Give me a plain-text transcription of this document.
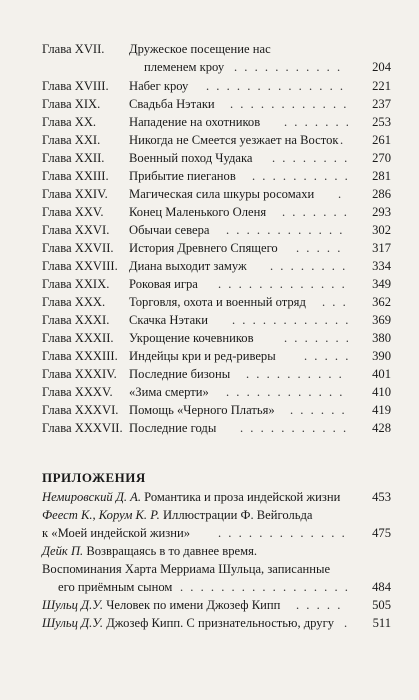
Глава XVII. Дружеское посещение нас
племенем кроу . . .	204
Глава XVIII. Набег кроу . . .	221
Глава XIX. Свадьба Нэтаки . . .	237
Глава XX.	Нападение на охотников . . .	253
Глава XXI. Никогда не Смеется уезжает на Восток . . .	261
Глава XXII. Военный поход Чудака . . .	270
Глава XXIII. Прибытие пиеганов . . .	281
Глава XXIV. Магическая сила шкуры росомахи . . .	286
Глава XXV. Конец Маленького Оленя . . .	293
Глава XXVI. Обычаи севера . . .	302
Глава XXVII. История Древнего Спящего . . .	317
Глава XXVIII. Диана выходит замуж . . .	334
Глава XXIX. Роковая игра . . .	349
Глава XXX. Торговля, охота и военный отряд . . .	362
Глава XXXI. Скачка Нэтаки . . .	369
Глава XXXII. Укрощение кочевников . . .	380
Глава XXXIII. Индейцы кри и ред-риверы . . .	390
Глава XXXIV. Последние бизоны . . .	401
Глава XXXV. «Зима смерти» . . .	410
Глава XXXVI. Помощь «Черного Платья» . . .	419
Глава XXXVII. Последние годы . . .	428
ПРИЛОЖЕНИЯ
Немировский Д. А. Романтика и проза индейской жизни	453
Феест К., Корум К. Р. Иллюстрации Ф. Вейгольда
к «Моей индейской жизни» . . .	475
Дейк П. Возвращаясь в то давнее время.
Воспоминания Харта Мерриама Шульца, записанные
его приёмным сыном . . .	484
Шульц Д.У. Человек по имени Джозеф Кипп . . .	505
Шульц Д.У. Джозеф Кипп. С признательностью, другу . . .	511
